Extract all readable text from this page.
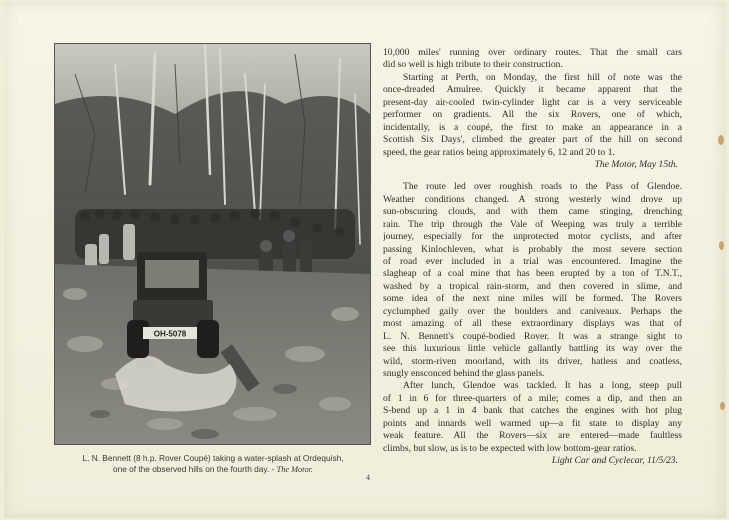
OH-5078
L. N. Bennett (8 h.p. Rover Coupé) taking a water-splash at Ordequish,
one of the observed hills on the fourth day. - The Motor.
4
10,000 miles' running over ordinary routes. That the small cars
did so well is high tribute to their construction.
Starting at Perth, on Monday, the first hill of note was the
once-dreaded Amulree. Quickly it became apparent that the
present-day air-cooled twin-cylinder light car is a very serviceable
performer on gradients. All the six Rovers, one of which,
incidentally, is a coupé, the first to make an appearance in a
Scottish Six Days', climbed the greater part of the hill on second
speed, the gear ratios being approximately 6, 12 and 20 to 1.
The Motor, May 15th.
The route led over roughish roads to the Pass of Glendoe.
Weather conditions changed. A strong westerly wind drove up
sun-obscuring clouds, and with them came stinging, drenching
rain. The trip through the Vale of Weeping was truly a terrible
journey, especially for the unprotected motor cyclists, and after
passing Kinlochleven, what is probably the most severe section
of road ever included in a trial was encountered. Imagine the
slagheap of a coal mine that has been erupted by a ton of T.N.T.,
washed by a tropical rain-storm, and then covered in slime, and
some idea of the next nine miles will be formed. The Rovers
cyclumphed gaily over the boulders and caniveaux. Perhaps the
most amazing of all these extraordinary displays was that of
L. N. Bennett's coupé-bodied Rover. It was a strange sight to
see this luxurious little vehicle gallantly battling its way over the
wild, storm-riven moorland, with its driver, hatless and coatless,
snugly ensconced behind the glass panels.
After lunch, Glendoe was tackled. It has a long, steep pull
of 1 in 6 for three-quarters of a mile; comes a dip, and then an
S-bend up a 1 in 4 bank that catches the engines with hot plug
points and innards well warmed up—a fit state to display any
weak feature. All the Rovers—six are entered—made faultless
climbs, but slow, as is to be expected with low bottom-gear ratios.
Light Car and Cyclecar, 11/5/23.
